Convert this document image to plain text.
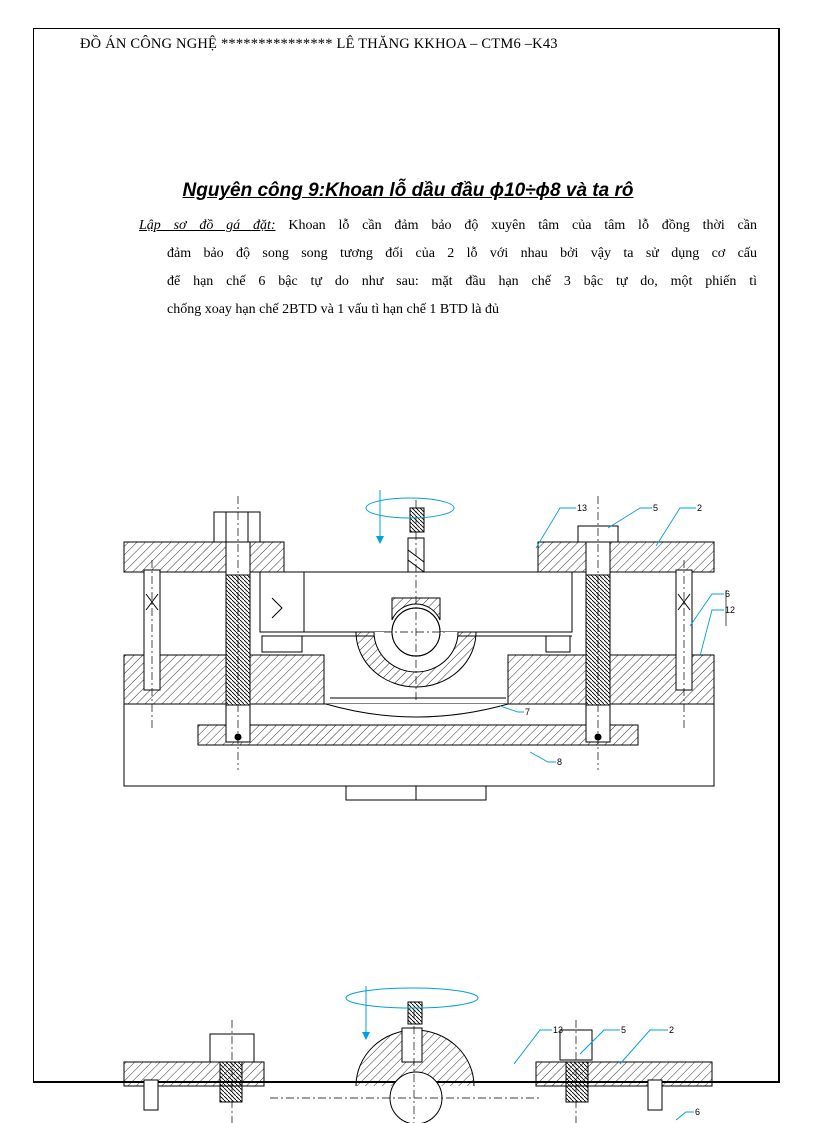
ĐỒ ÁN CÔNG NGHỆ *************** LÊ THĂNG KKHOA – CTM6 –K43
Nguyên công 9:Khoan lỗ dầu đầu ɸ10÷ɸ8 và ta rô
Lập sơ đồ gá đặt: Khoan lỗ cần đảm bảo độ xuyên tâm của tâm lỗ đồng thời cần
đảm bảo độ song song tương đối của 2 lỗ với nhau bởi vậy ta sử dụng cơ cấu
để hạn chế 6 bậc tự do như sau: mặt đầu hạn chế 3 bậc tự do, một phiến tì
chống xoay hạn chế 2BTD và 1 vấu tì hạn chế 1 BTD là đủ
13	5	2
6
12
7
8
13	5	2
6
